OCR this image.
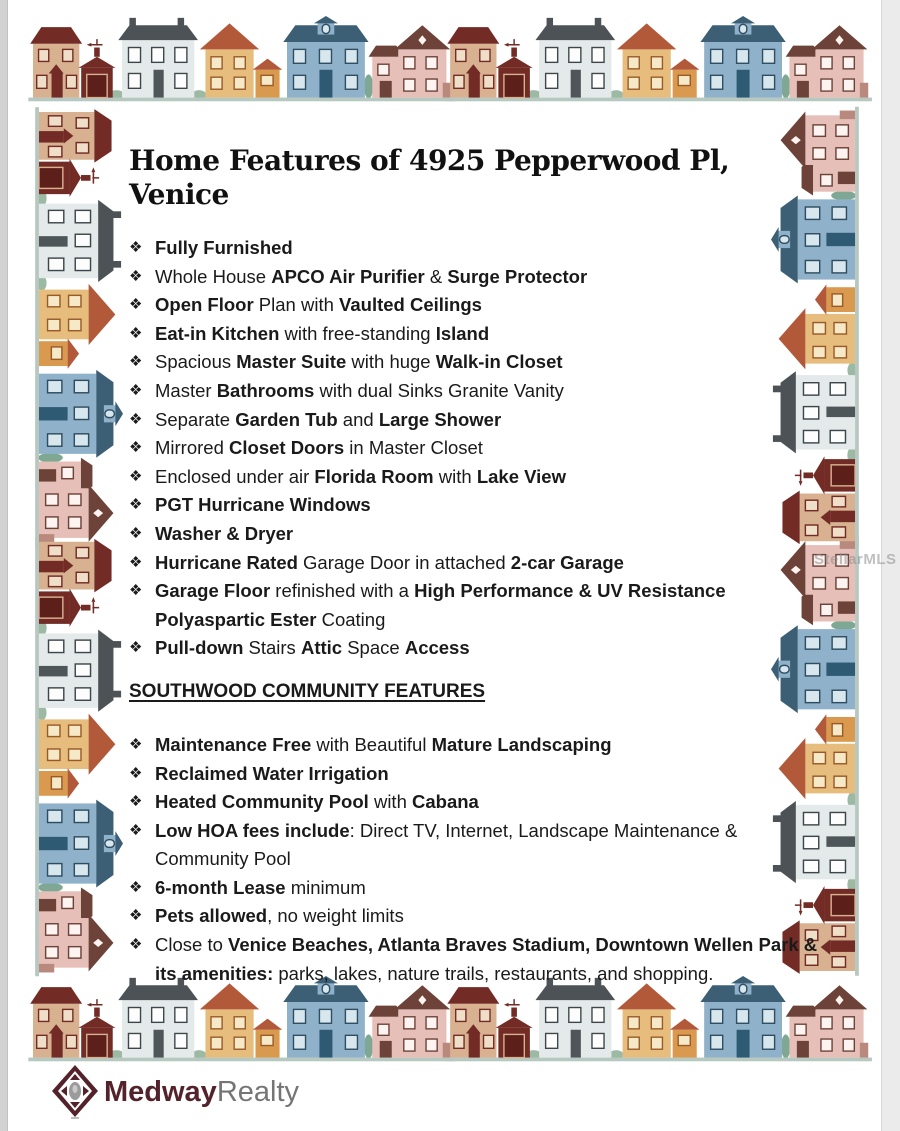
StellarMLS
Home Features of 4925 Pepperwood Pl, Venice
❖ Fully Furnished
❖ Whole House APCO Air Purifier & Surge Protector
❖ Open Floor Plan with Vaulted Ceilings
❖ Eat-in Kitchen with free-standing Island
❖ Spacious Master Suite with huge Walk-in Closet
❖ Master Bathrooms with dual Sinks Granite Vanity
❖ Separate Garden Tub and Large Shower
❖ Mirrored Closet Doors in Master Closet
❖ Enclosed under air Florida Room with Lake View
❖ PGT Hurricane Windows
❖ Washer & Dryer
❖ Hurricane Rated Garage Door in attached 2-car Garage
❖ Garage Floor refinished with a High Performance & UV Resistance Polyaspartic Ester Coating
❖ Pull-down Stairs Attic Space Access
SOUTHWOOD COMMUNITY FEATURES
❖ Maintenance Free with Beautiful Mature Landscaping
❖ Reclaimed Water Irrigation
❖ Heated Community Pool with Cabana
❖ Low HOA fees include: Direct TV, Internet, Landscape Maintenance & Community Pool
❖ 6-month Lease minimum
❖ Pets allowed, no weight limits
❖ Close to Venice Beaches, Atlanta Braves Stadium, Downtown Wellen Park & its amenities: parks, lakes, nature trails, restaurants, and shopping.
MedwayRealty
